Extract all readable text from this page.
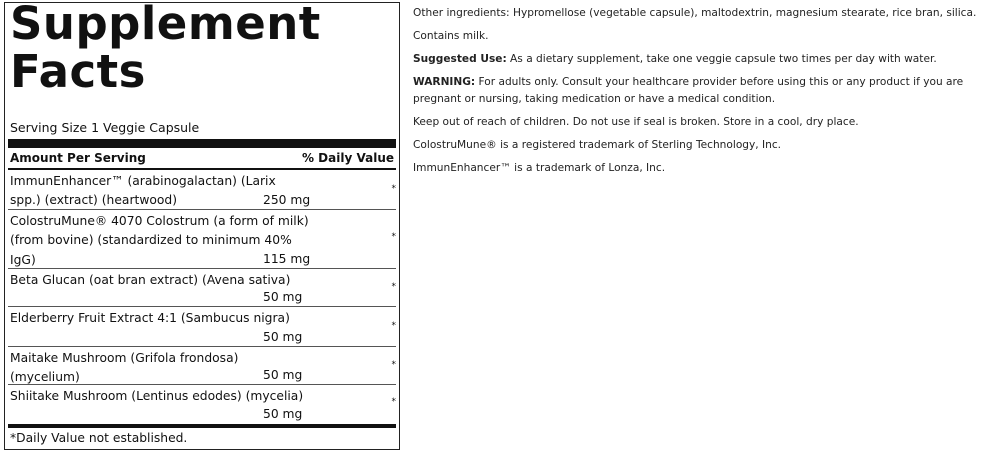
Supplement
Facts
Serving Size 1 Veggie Capsule
Amount Per Serving	% Daily Value
ImmunEnhancer™ (arabinogalactan) (Larix
spp.) (extract) (heartwood)	250 mg
*
ColostruMune® 4070 Colostrum (a form of milk)
(from bovine) (standardized to minimum 40%
IgG)	115 mg
*
Beta Glucan (oat bran extract) (Avena sativa)
50 mg
*
Elderberry Fruit Extract 4:1 (Sambucus nigra)
50 mg
*
Maitake Mushroom (Grifola frondosa)
(mycelium)	50 mg
*
Shiitake Mushroom (Lentinus edodes) (mycelia)
50 mg
*
*Daily Value not established.

Other ingredients: Hypromellose (vegetable capsule), maltodextrin, magnesium stearate, rice bran, silica.

Contains milk.

Suggested Use: As a dietary supplement, take one veggie capsule two times per day with water.

WARNING: For adults only. Consult your healthcare provider before using this or any product if you are pregnant or nursing, taking medication or have a medical condition.

Keep out of reach of children. Do not use if seal is broken. Store in a cool, dry place.

ColostruMune® is a registered trademark of Sterling Technology, Inc.

ImmunEnhancer™ is a trademark of Lonza, Inc.
